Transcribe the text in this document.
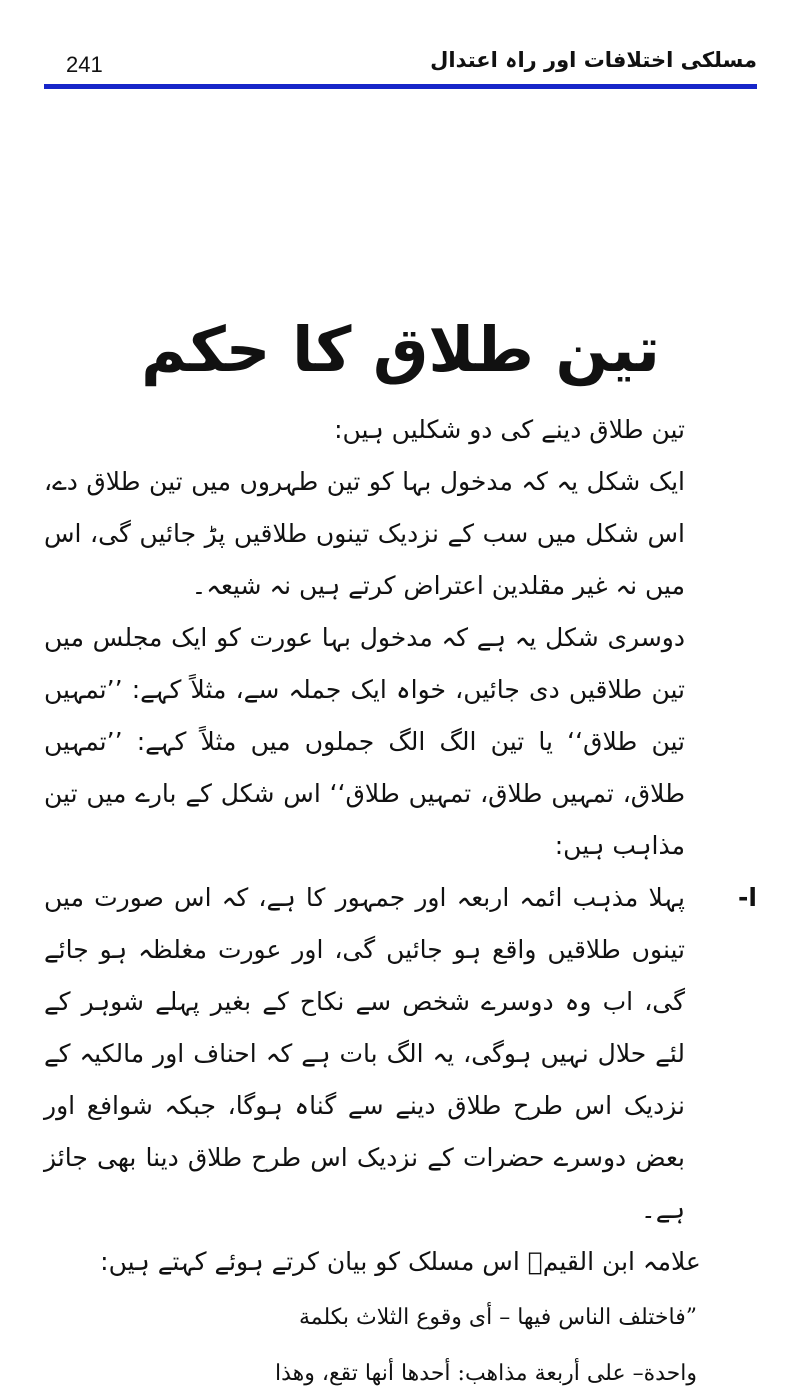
241	مسلکی اختلافات اور راہ اعتدال
تین طلاق کا حکم

تین طلاق دینے کی دو شکلیں ہیں:

ایک شکل یہ کہ مدخول بہا کو تین طہروں میں تین طلاق دے، اس شکل میں سب کے نزدیک تینوں طلاقیں پڑ جائیں گی، اس میں نہ غیر مقلدین اعتراض کرتے ہیں نہ شیعہ۔

دوسری شکل یہ ہے کہ مدخول بہا عورت کو ایک مجلس میں تین طلاقیں دی جائیں، خواہ ایک جملہ سے، مثلاً کہے: ’’تمہیں تین طلاق‘‘ یا تین الگ الگ جملوں میں مثلاً کہے: ’’تمہیں طلاق، تمہیں طلاق، تمہیں طلاق‘‘ اس شکل کے بارے میں تین مذاہب ہیں:

ا-

پہلا مذہب ائمہ اربعہ اور جمہور کا ہے، کہ اس صورت میں تینوں طلاقیں واقع ہو جائیں گی، اور عورت مغلظہ ہو جائے گی، اب وہ دوسرے شخص سے نکاح کے بغیر پہلے شوہر کے لئے حلال نہیں ہوگی، یہ الگ بات ہے کہ احناف اور مالکیہ کے نزدیک اس طرح طلاق دینے سے گناہ ہوگا، جبکہ شوافع اور بعض دوسرے حضرات کے نزدیک اس طرح طلاق دینا بھی جائز ہے۔

علامہ ابن القیمؒ اس مسلک کو بیان کرتے ہوئے کہتے ہیں:

”فاختلف الناس فيها – أى وقوع الثلاث بكلمة

واحدة– على أربعة مذاهب: أحدها أنها تقع، وهذا
